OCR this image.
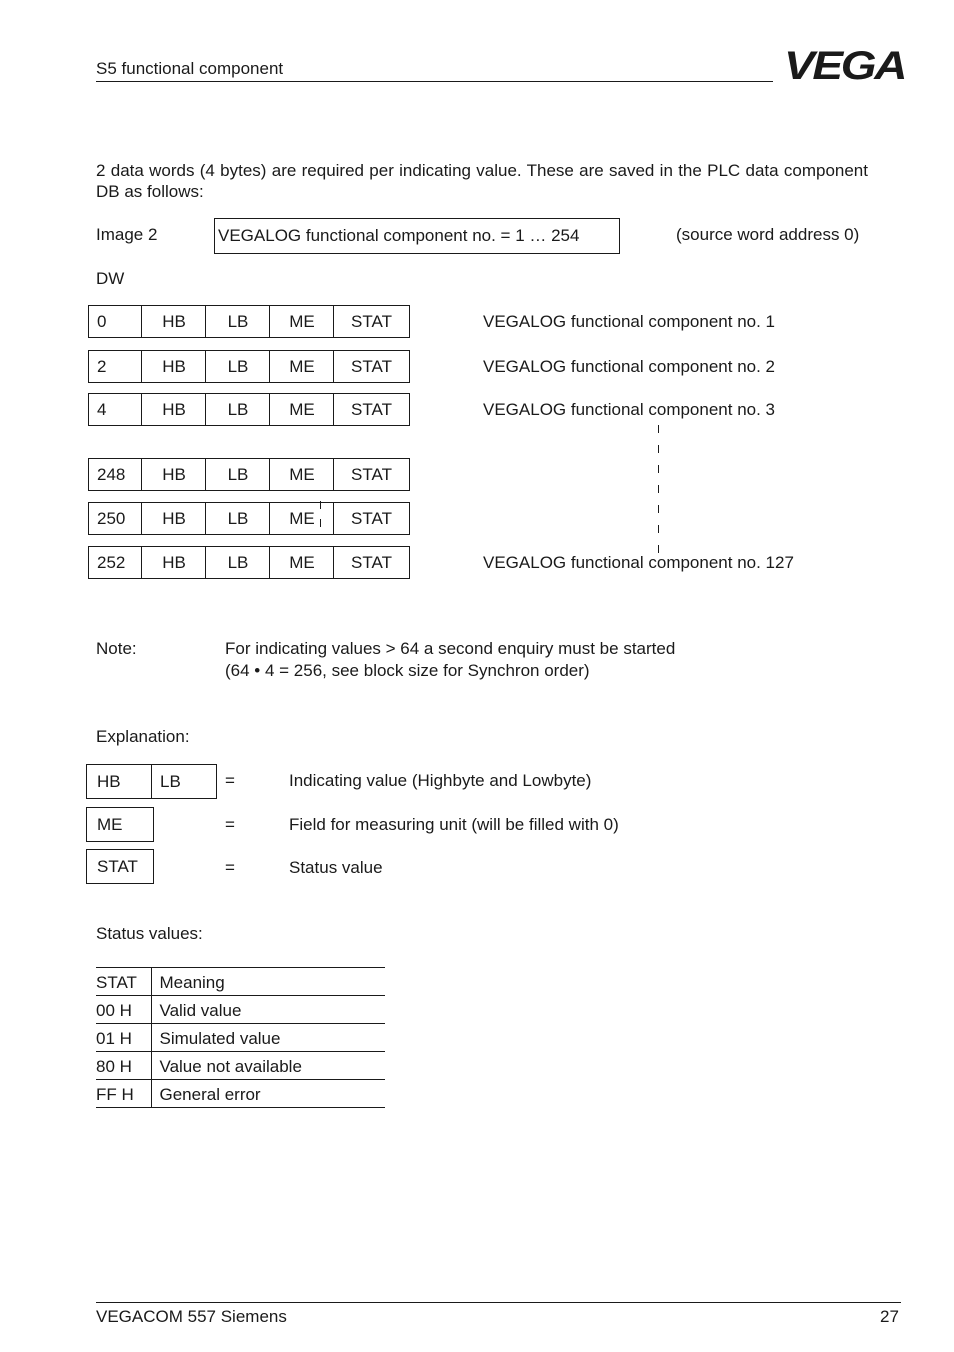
S5 functional component	VEGA
2 data words (4 bytes) are required per indicating value. These are saved in the PLC data component DB as follows:
Image 2	VEGALOG functional component no. = 1 … 254	(source word address 0)
DW
0	HB	LB	ME	STAT	VEGALOG functional component no. 1
2	HB	LB	ME	STAT	VEGALOG functional component no. 2
4	HB	LB	ME	STAT	VEGALOG functional component no. 3
248	HB	LB	ME	STAT
250	HB	LB	ME	STAT
252	HB	LB	ME	STAT	VEGALOG functional component no. 127
Note:	For indicating values > 64 a second enquiry must be started
(64 • 4 = 256, see block size for Synchron order)
Explanation:
HB	LB	=	Indicating value (Highbyte and Lowbyte)
ME	=	Field for measuring unit (will be filled with 0)
STAT	=	Status value
Status values:
STAT	Meaning
00 H	Valid value
01 H	Simulated value
80 H	Value not available
FF H	General error
VEGACOM 557 Siemens	27
